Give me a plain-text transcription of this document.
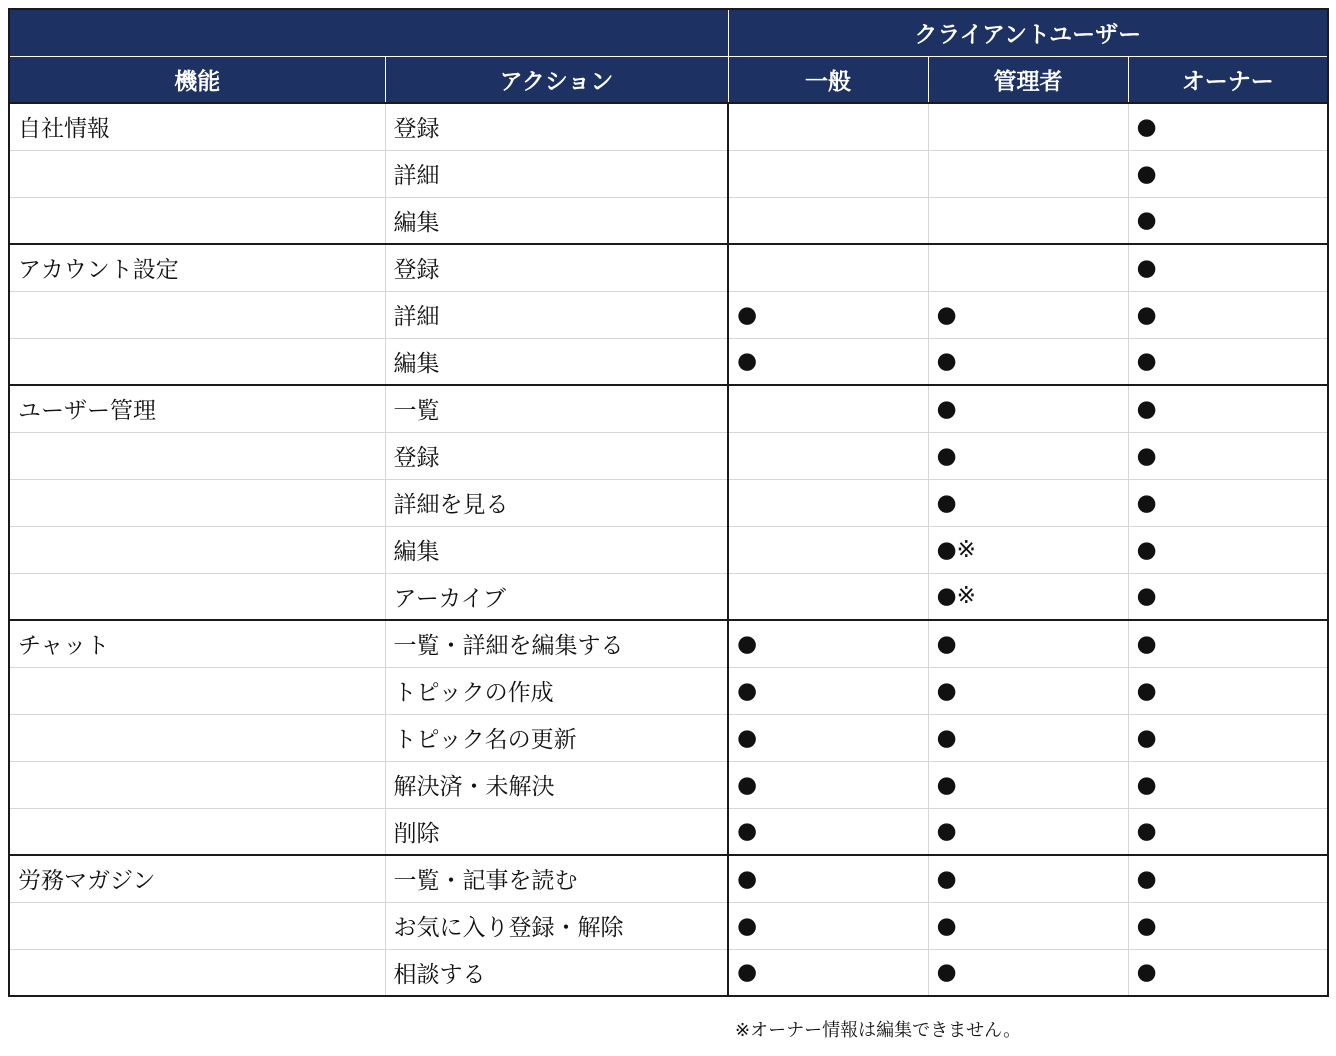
		クライアントユーザー		
機能	アクション	一般	管理者	オーナー
自社情報	登録			●
	詳細			●
	編集			●
アカウント設定	登録			●
	詳細	●	●	●
	編集	●	●	●
ユーザー管理	一覧		●	●
	登録		●	●
	詳細を見る		●	●
	編集		●※	●
	アーカイブ		●※	●
チャット	一覧・詳細を編集する	●	●	●
	トピックの作成	●	●	●
	トピック名の更新	●	●	●
	解決済・未解決	●	●	●
	削除	●	●	●
労務マガジン	一覧・記事を読む	●	●	●
	お気に入り登録・解除	●	●	●
	相談する	●	●	●
※オーナー情報は編集できません。
